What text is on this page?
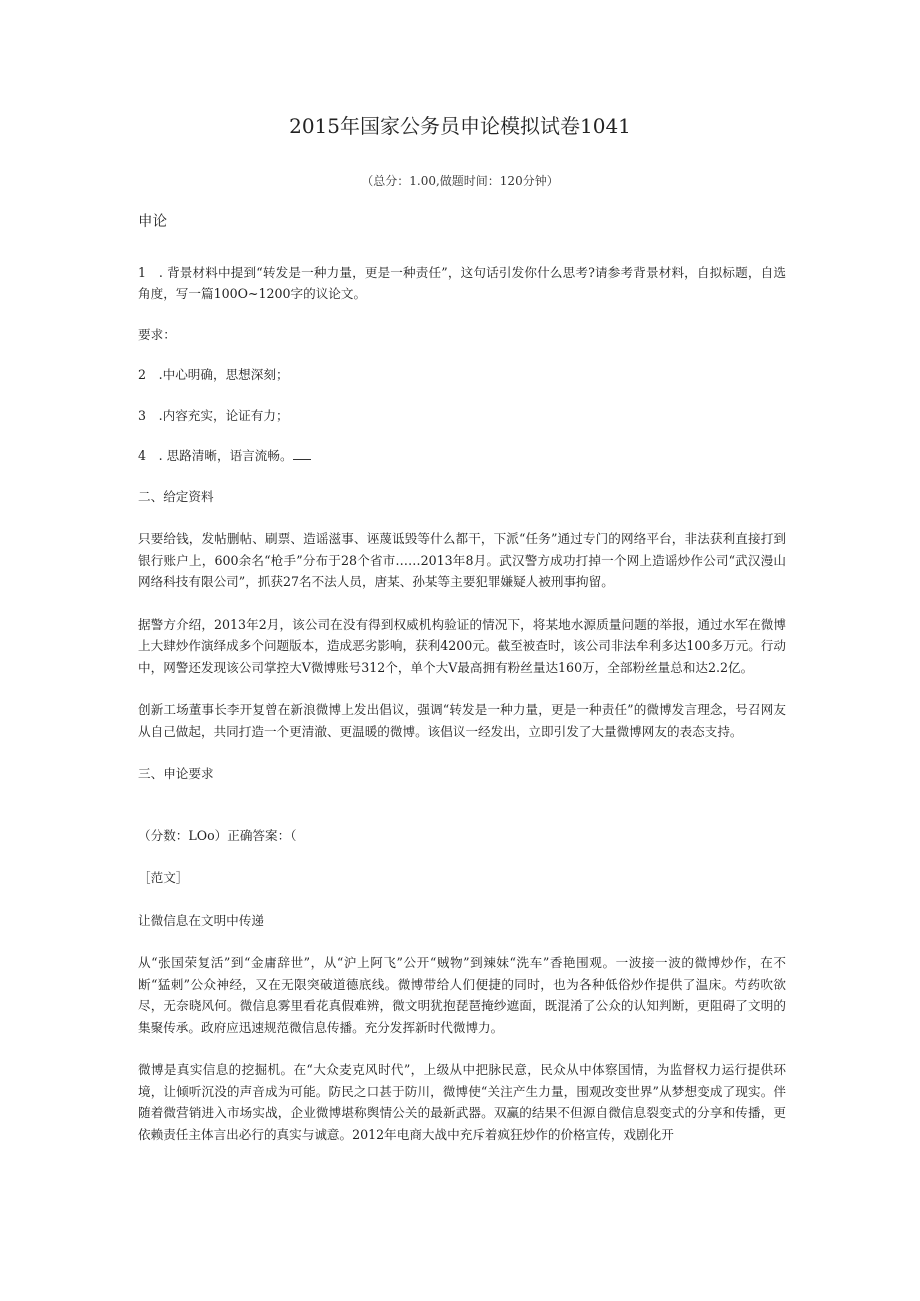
2015年国家公务员申论模拟试卷1041
（总分：1.00,做题时间：120分钟）
申论

1　. 背景材料中提到“转发是一种力量，更是一种责任”，这句话引发你什么思考?请参考背景材料，自拟标题，自选角度，写一篇100O~1200字的议论文。

要求：

2　.中心明确，思想深刻；

3　.内容充实，论证有力；

4　. 思路清晰，语言流畅。

二、给定资料

只要给钱，发帖删帖、刷票、造谣滋事、诬蔑诋毁等什么都干，下派“任务”通过专门的网络平台，非法获利直接打到银行账户上，600余名“枪手”分布于28个省市……2013年8月。武汉警方成功打掉一个网上造谣炒作公司“武汉漫山网络科技有限公司”，抓获27名不法人员，唐某、孙某等主要犯罪嫌疑人被刑事拘留。

据警方介绍，2013年2月，该公司在没有得到权威机构验证的情况下，将某地水源质量问题的举报，通过水军在微博上大肆炒作演绎成多个问题版本，造成恶劣影响，获利4200元。截至被查时，该公司非法牟利多达100多万元。行动中，网警还发现该公司掌控大V微博账号312个，单个大V最高拥有粉丝量达160万，全部粉丝量总和达2.2亿。

创新工场董事长李开复曾在新浪微博上发出倡议，强调“转发是一种力量，更是一种责任”的微博发言理念，号召网友从自己做起，共同打造一个更清澈、更温暖的微博。该倡议一经发出，立即引发了大量微博网友的表态支持。

三、申论要求

（分数：LOo）正确答案：（

［范文］

让微信息在文明中传递

从“张国荣复活”到“金庸辞世”，从“沪上阿飞”公开“贼物”到辣妹“洗车”香艳围观。一波接一波的微博炒作，在不断“猛刺”公众神经，又在无限突破道德底线。微博带给人们便捷的同时，也为各种低俗炒作提供了温床。芍药吹欲尽，无奈晓风何。微信息雾里看花真假难辨，微文明犹抱琵琶掩纱遮面，既混淆了公众的认知判断，更阻碍了文明的集聚传承。政府应迅速规范微信息传播。充分发挥新时代微博力。

微博是真实信息的挖掘机。在“大众麦克风时代”，上级从中把脉民意，民众从中体察国情，为监督权力运行提供环境，让倾听沉没的声音成为可能。防民之口甚于防川，微博使“关注产生力量，围观改变世界”从梦想变成了现实。伴随着微营销进入市场实战，企业微博堪称舆情公关的最新武器。双赢的结果不但源自微信息裂变式的分享和传播，更依赖责任主体言出必行的真实与诚意。2012年电商大战中充斥着疯狂炒作的价格宣传，戏剧化开
